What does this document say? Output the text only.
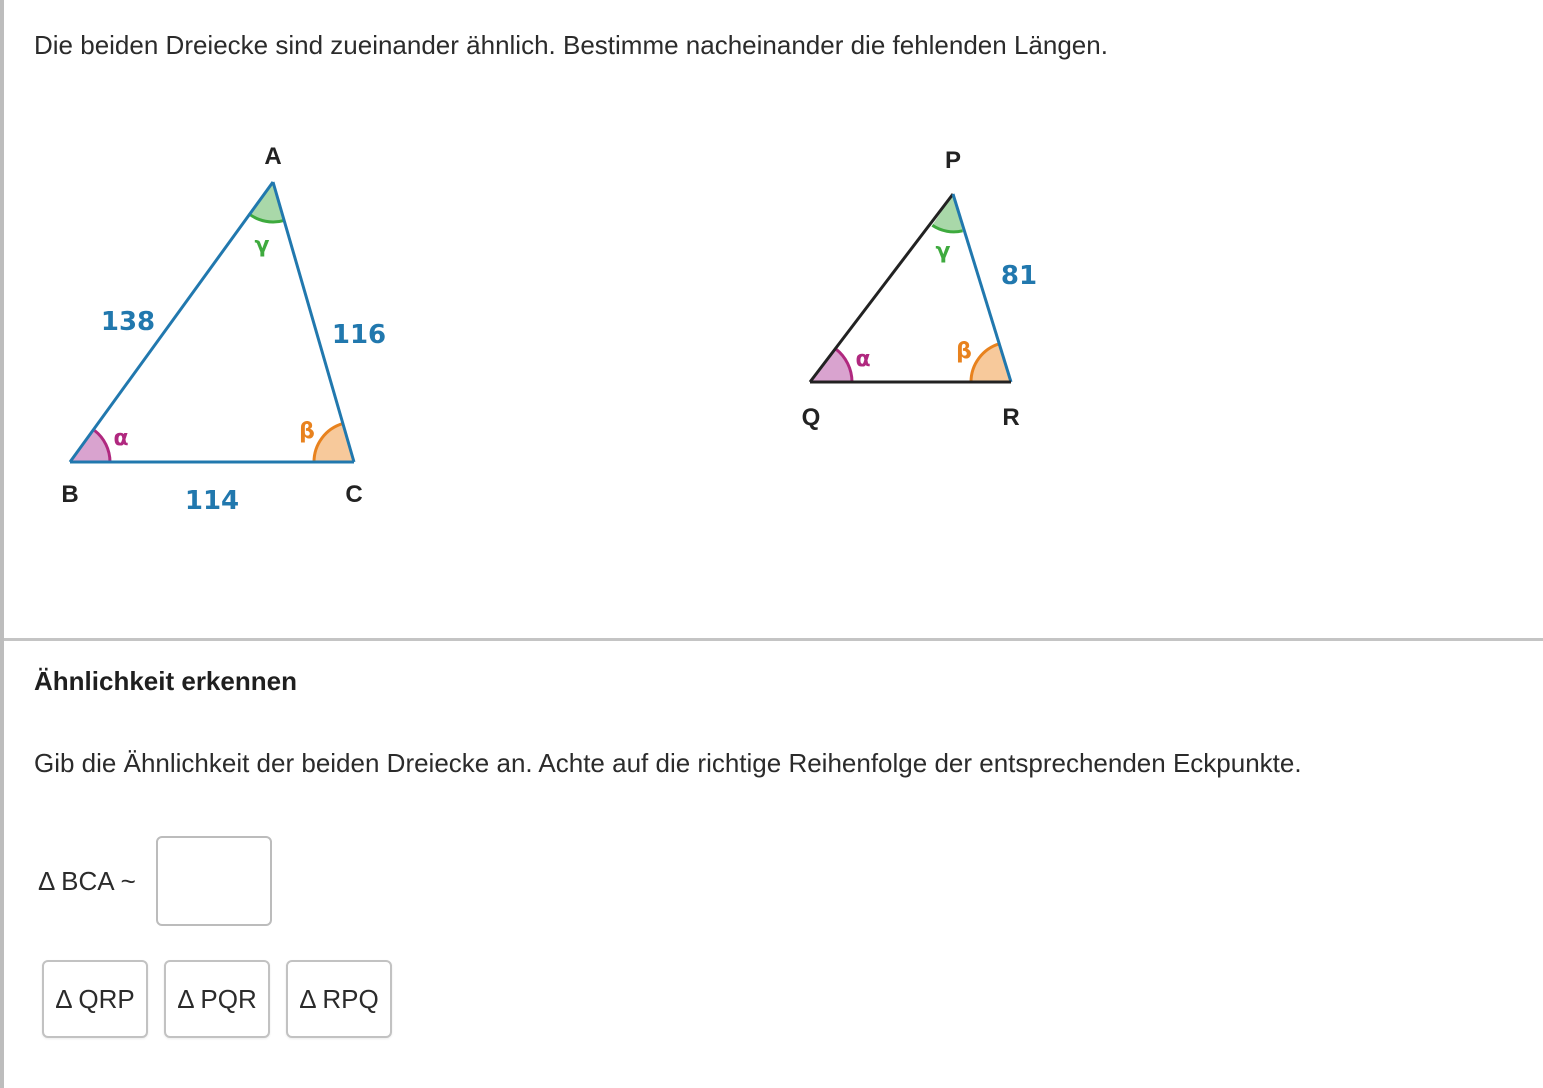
Die beiden Dreiecke sind zueinander ähnlich. Bestimme nacheinander die fehlenden Längen.
A
B	C
138	116
114
α	β
γ
P
Q	R
81
α	β
γ
Ähnlichkeit erkennen
Gib die Ähnlichkeit der beiden Dreiecke an. Achte auf die richtige Reihenfolge der entsprechenden Eckpunkte.
Δ BCA ~
Δ QRP	Δ PQR	Δ RPQ
